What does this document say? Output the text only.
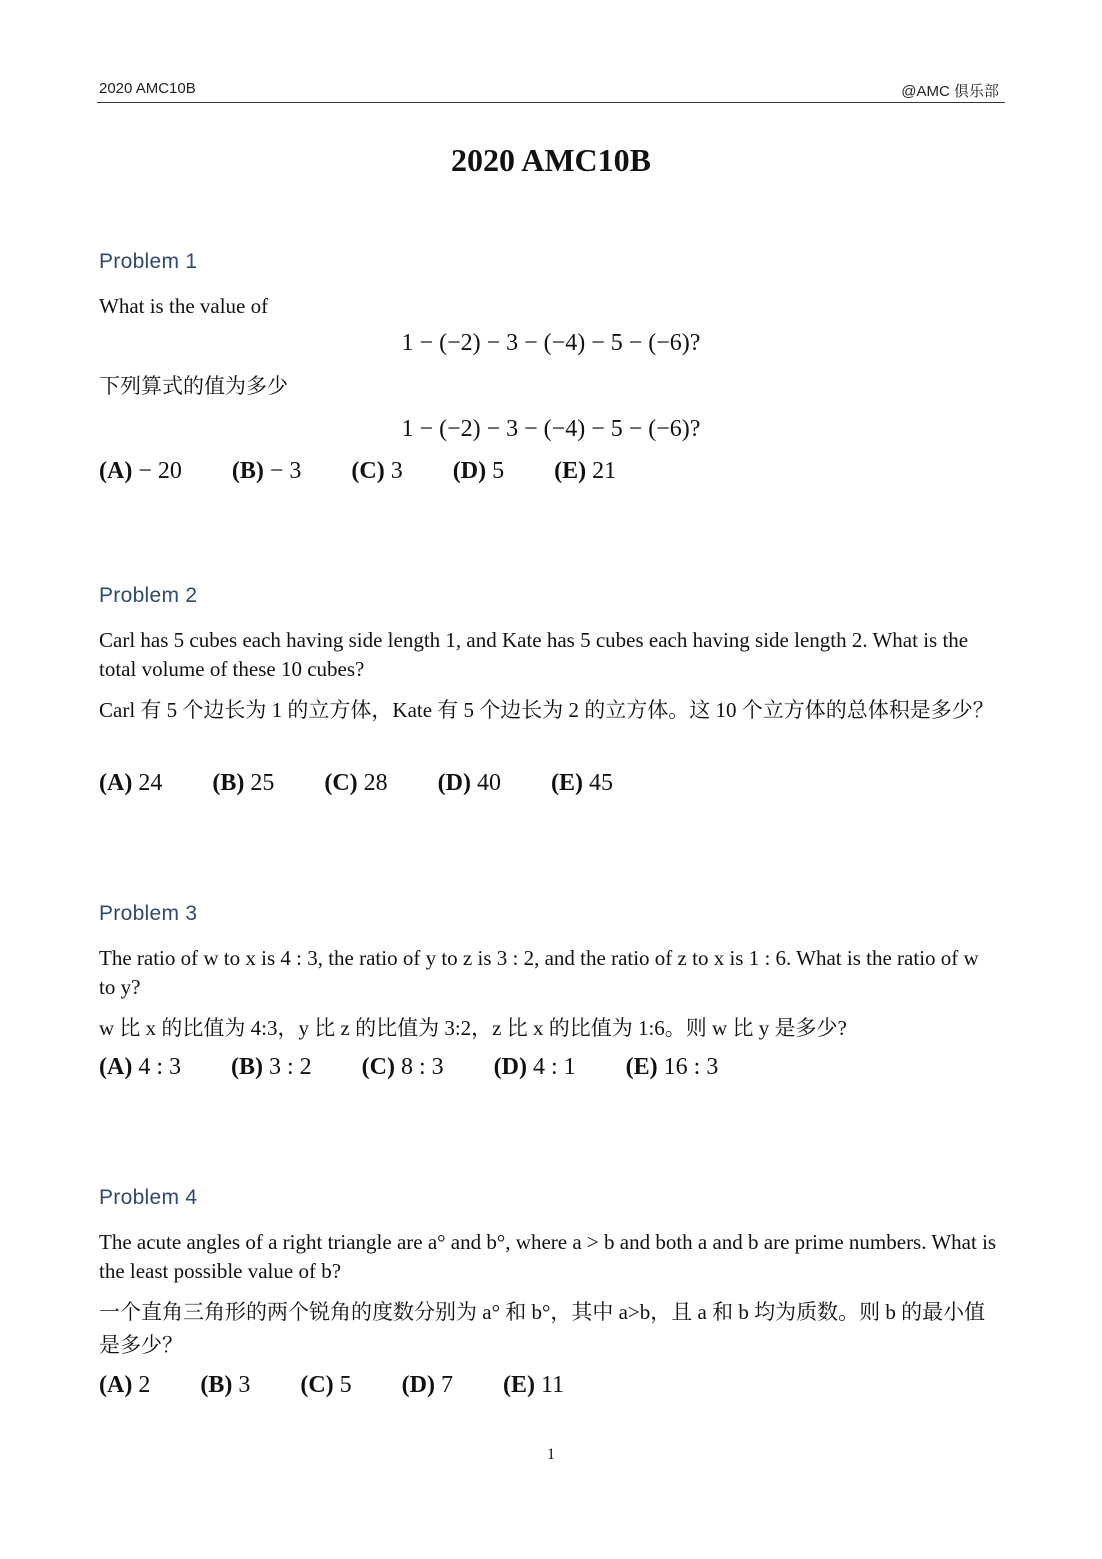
2020 AMC10B	@AMC 俱乐部
2020 AMC10B
Problem 1
What is the value of
1 − (−2) − 3 − (−4) − 5 − (−6)?
下列算式的值为多少
1 − (−2) − 3 − (−4) − 5 − (−6)?
(A) − 20 (B) − 3 (C) 3 (D) 5 (E) 21
Problem 2
Carl has 5 cubes each having side length 1, and Kate has 5 cubes each having side length 2. What is the total volume of these 10 cubes?
Carl 有 5 个边长为 1 的立方体，Kate 有 5 个边长为 2 的立方体。这 10 个立方体的总体积是多少？
(A) 24 (B) 25 (C) 28 (D) 40 (E) 45
Problem 3
The ratio of w to x is 4 : 3, the ratio of y to z is 3 : 2, and the ratio of z to x is 1 : 6. What is the ratio of w to y?
w 比 x 的比值为 4:3，y 比 z 的比值为 3:2，z 比 x 的比值为 1:6。则 w 比 y 是多少?
(A) 4 : 3 (B) 3 : 2 (C) 8 : 3 (D) 4 : 1 (E) 16 : 3
Problem 4
The acute angles of a right triangle are a° and b°, where a > b and both a and b are prime numbers. What is the least possible value of b?
一个直角三角形的两个锐角的度数分别为 a° 和 b°，其中 a>b，且 a 和 b 均为质数。则 b 的最小值是多少？
(A) 2 (B) 3 (C) 5 (D) 7 (E) 11
1
